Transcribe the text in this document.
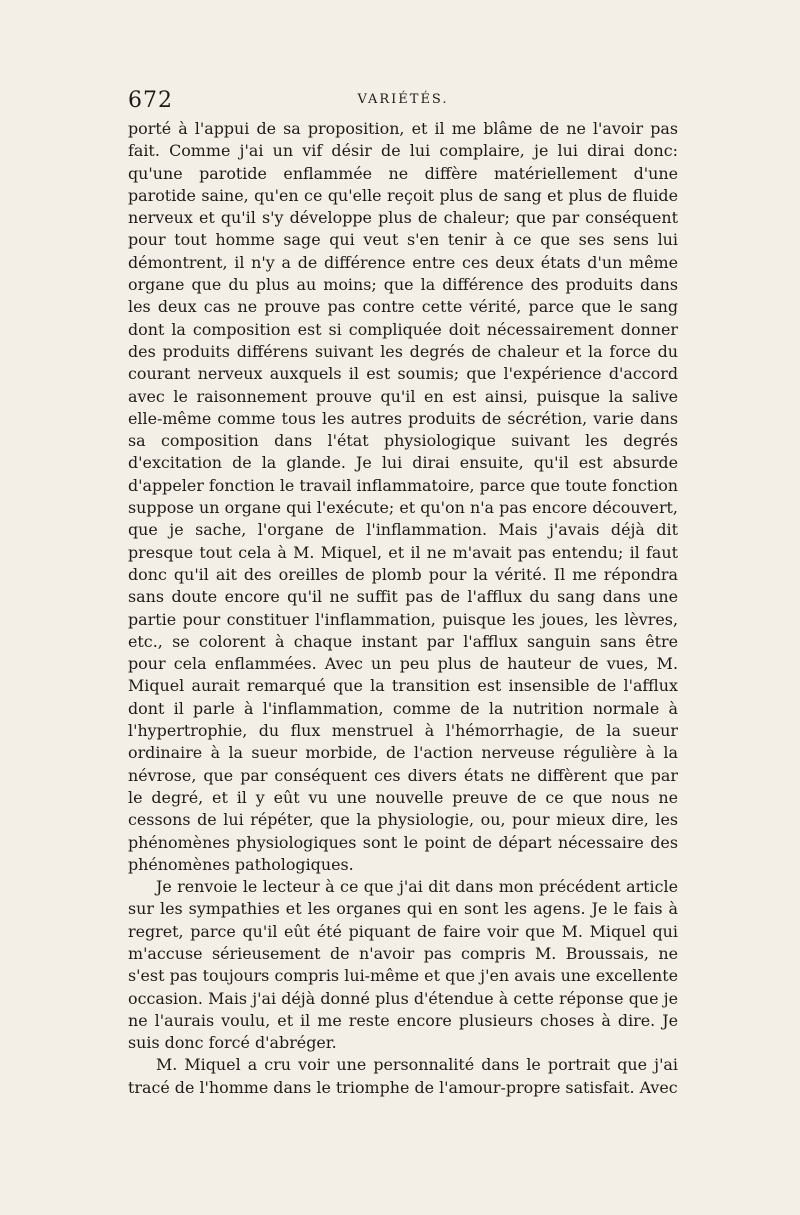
672	VARIÉTÉS.

porté à l'appui de sa proposition, et il me blâme de ne l'avoir pas fait. Comme j'ai un vif désir de lui complaire, je lui dirai donc: qu'une parotide enflammée ne diffère matériellement d'une parotide saine, qu'en ce qu'elle reçoit plus de sang et plus de fluide nerveux et qu'il s'y développe plus de chaleur; que par conséquent pour tout homme sage qui veut s'en tenir à ce que ses sens lui démontrent, il n'y a de différence entre ces deux états d'un même organe que du plus au moins; que la différence des produits dans les deux cas ne prouve pas contre cette vérité, parce que le sang dont la composition est si compliquée doit nécessairement donner des produits différens suivant les degrés de chaleur et la force du courant nerveux auxquels il est soumis; que l'expérience d'accord avec le raisonnement prouve qu'il en est ainsi, puisque la salive elle-même comme tous les autres produits de sécrétion, varie dans sa composition dans l'état physiologique suivant les degrés d'excitation de la glande. Je lui dirai ensuite, qu'il est absurde d'appeler fonction le travail inflammatoire, parce que toute fonction suppose un organe qui l'exécute; et qu'on n'a pas encore découvert, que je sache, l'organe de l'inflammation. Mais j'avais déjà dit presque tout cela à M. Miquel, et il ne m'avait pas entendu; il faut donc qu'il ait des oreilles de plomb pour la vérité. Il me répondra sans doute encore qu'il ne suffit pas de l'afflux du sang dans une partie pour constituer l'inflammation, puisque les joues, les lèvres, etc., se colorent à chaque instant par l'afflux sanguin sans être pour cela enflammées. Avec un peu plus de hauteur de vues, M. Miquel aurait remarqué que la transition est insensible de l'afflux dont il parle à l'inflammation, comme de la nutrition normale à l'hypertrophie, du flux menstruel à l'hémorrhagie, de la sueur ordinaire à la sueur morbide, de l'action nerveuse régulière à la névrose, que par conséquent ces divers états ne diffèrent que par le degré, et il y eût vu une nouvelle preuve de ce que nous ne cessons de lui répéter, que la physiologie, ou, pour mieux dire, les phénomènes physiologiques sont le point de départ nécessaire des phénomènes pathologiques.

Je renvoie le lecteur à ce que j'ai dit dans mon précédent article sur les sympathies et les organes qui en sont les agens. Je le fais à regret, parce qu'il eût été piquant de faire voir que M. Miquel qui m'accuse sérieusement de n'avoir pas compris M. Broussais, ne s'est pas toujours compris lui-même et que j'en avais une excellente occasion. Mais j'ai déjà donné plus d'étendue à cette réponse que je ne l'aurais voulu, et il me reste encore plusieurs choses à dire. Je suis donc forcé d'abréger.

M. Miquel a cru voir une personnalité dans le portrait que j'ai tracé de l'homme dans le triomphe de l'amour-propre satisfait. Avec
